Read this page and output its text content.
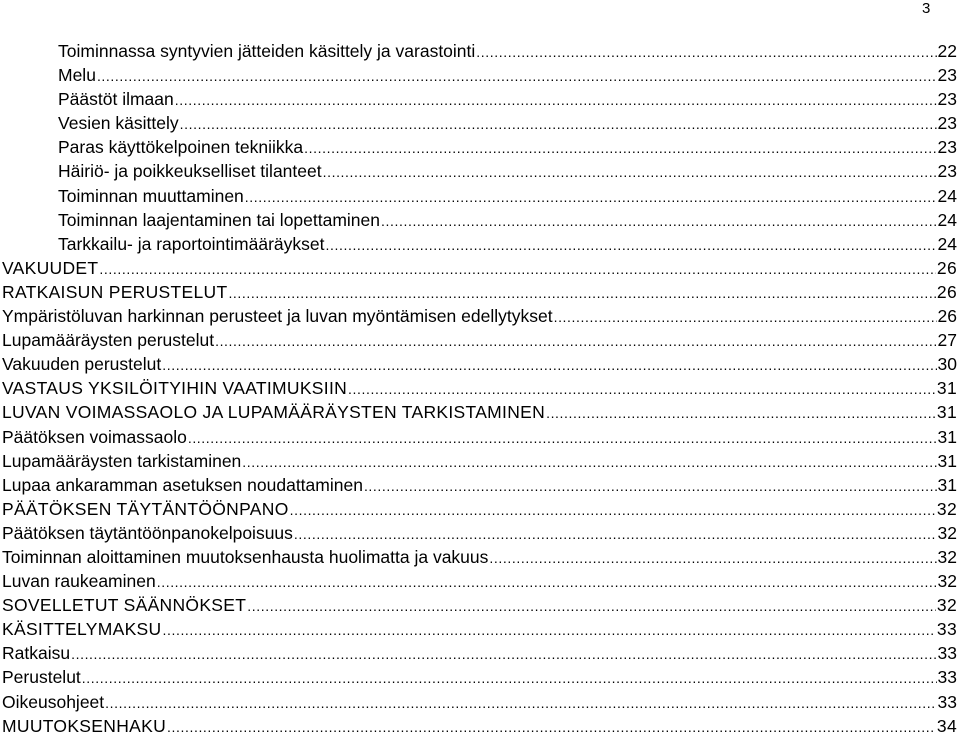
3
Toiminnassa syntyvien jätteiden käsittely ja varastointi .....	22
Melu .....	23
Päästöt ilmaan .....	23
Vesien käsittely .....	23
Paras käyttökelpoinen tekniikka .....	23
Häiriö- ja poikkeukselliset tilanteet .....	23
Toiminnan muuttaminen .....	24
Toiminnan laajentaminen tai lopettaminen .....	24
Tarkkailu- ja raportointimääräykset .....	24
VAKUUDET .....	26
RATKAISUN PERUSTELUT .....	26
Ympäristöluvan harkinnan perusteet ja luvan myöntämisen edellytykset .....	26
Lupamääräysten perustelut .....	27
Vakuuden perustelut .....	30
VASTAUS YKSILÖITYIHIN VAATIMUKSIIN .....	31
LUVAN VOIMASSAOLO JA LUPAMÄÄRÄYSTEN TARKISTAMINEN .....	31
Päätöksen voimassaolo .....	31
Lupamääräysten tarkistaminen .....	31
Lupaa ankaramman asetuksen noudattaminen .....	31
PÄÄTÖKSEN TÄYTÄNTÖÖNPANO .....	32
Päätöksen täytäntöönpanokelpoisuus .....	32
Toiminnan aloittaminen muutoksenhausta huolimatta ja vakuus .....	32
Luvan raukeaminen .....	32
SOVELLETUT SÄÄNNÖKSET .....	32
KÄSITTELYMAKSU .....	33
Ratkaisu .....	33
Perustelut .....	33
Oikeusohjeet .....	33
MUUTOKSENHAKU .....	34
